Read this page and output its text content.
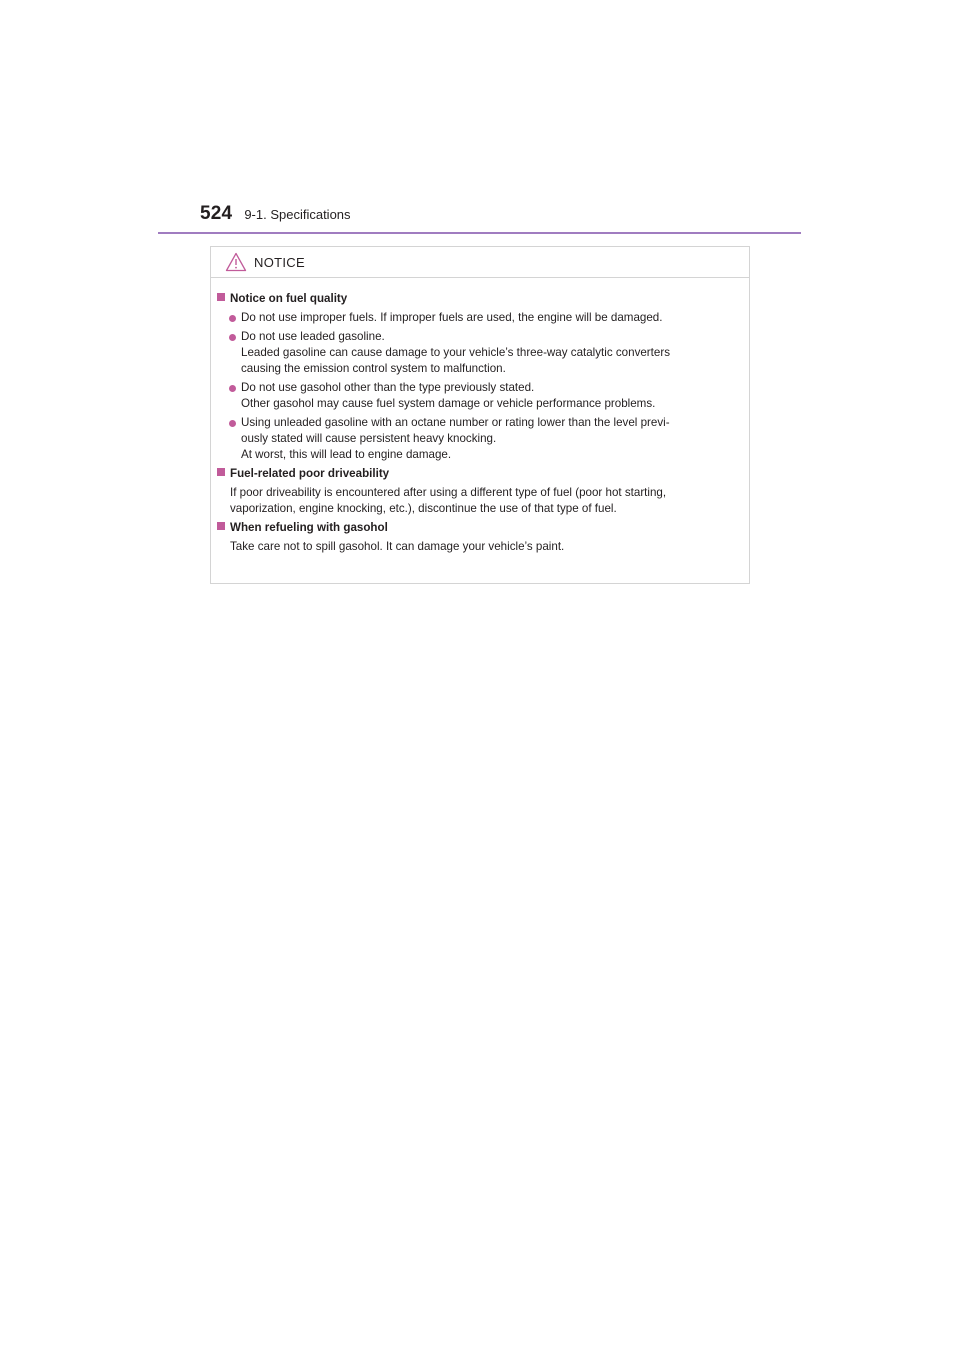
524 9-1. Specifications
NOTICE
Notice on fuel quality
Do not use improper fuels. If improper fuels are used, the engine will be damaged.
Do not use leaded gasoline.
Leaded gasoline can cause damage to your vehicle’s three-way catalytic converters
causing the emission control system to malfunction.
Do not use gasohol other than the type previously stated.
Other gasohol may cause fuel system damage or vehicle performance problems.
Using unleaded gasoline with an octane number or rating lower than the level previ-
ously stated will cause persistent heavy knocking.
At worst, this will lead to engine damage.
Fuel-related poor driveability
If poor driveability is encountered after using a different type of fuel (poor hot starting,
vaporization, engine knocking, etc.), discontinue the use of that type of fuel.
When refueling with gasohol
Take care not to spill gasohol. It can damage your vehicle’s paint.
